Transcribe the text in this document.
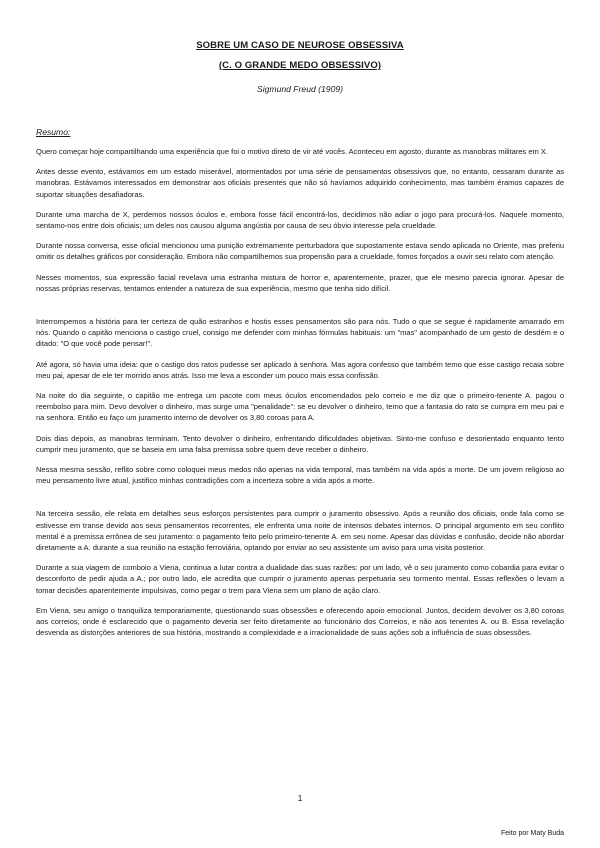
SOBRE UM CASO DE NEUROSE OBSESSIVA
(C. O GRANDE MEDO OBSESSIVO)
Sigmund Freud (1909)
Resumo:

Quero começar hoje compartilhando uma experiência que foi o motivo direto de vir até vocês. Aconteceu em agosto, durante as manobras militares em X.

Antes desse evento, estávamos em um estado miserável, atormentados por uma série de pensamentos obsessivos que, no entanto, cessaram durante as manobras. Estávamos interessados em demonstrar aos oficiais presentes que não só havíamos adquirido conhecimento, mas também éramos capazes de suportar situações desafiadoras.

Durante uma marcha de X, perdemos nossos óculos e, embora fosse fácil encontrá-los, decidimos não adiar o jogo para procurá-los. Naquele momento, sentamo-nos entre dois oficiais; um deles nos causou alguma angústia por causa de seu óbvio interesse pela crueldade.

Durante nossa conversa, esse oficial mencionou uma punição extremamente perturbadora que supostamente estava sendo aplicada no Oriente, mas preferiu omitir os detalhes gráficos por consideração. Embora não compartilhemos sua propensão para a crueldade, fomos forçados a ouvir seu relato com atenção.

Nesses momentos, sua expressão facial revelava uma estranha mistura de horror e, aparentemente, prazer, que ele mesmo parecia ignorar. Apesar de nossas próprias reservas, tentamos entender a natureza de sua experiência, mesmo que tenha sido difícil.

Interrompemos a história para ter certeza de quão estranhos e hostis esses pensamentos são para nós. Tudo o que se segue é rapidamente amarrado em nós. Quando o capitão menciona o castigo cruel, consigo me defender com minhas fórmulas habituais: um "mas" acompanhado de um gesto de desdém e o ditado: "O que você pode pensar!".

Até agora, só havia uma ideia: que o castigo dos ratos pudesse ser aplicado à senhora. Mas agora confesso que também temo que esse castigo recaia sobre meu pai, apesar de ele ter morrido anos atrás. Isso me leva a esconder um pouco mais essa confissão.

Na noite do dia seguinte, o capitão me entrega um pacote com meus óculos encomendados pelo correio e me diz que o primeiro-tenente A. pagou o reembolso para mim. Devo devolver o dinheiro, mas surge uma "penalidade": se eu devolver o dinheiro, temo que a fantasia do rato se cumpra em meu pai e na senhora. Então eu faço um juramento interno de devolver os 3,80 coroas para A.

Dois dias depois, as manobras terminam. Tento devolver o dinheiro, enfrentando dificuldades objetivas. Sinto-me confuso e desorientado enquanto tento cumprir meu juramento, que se baseia em uma falsa premissa sobre quem deve receber o dinheiro.

Nessa mesma sessão, reflito sobre como coloquei meus medos não apenas na vida temporal, mas também na vida após a morte. De um jovem religioso ao meu pensamento livre atual, justifico minhas contradições com a incerteza sobre a vida após a morte.

Na terceira sessão, ele relata em detalhes seus esforços persistentes para cumprir o juramento obsessivo. Após a reunião dos oficiais, onde fala como se estivesse em transe devido aos seus pensamentos recorrentes, ele enfrenta uma noite de intensos debates internos. O principal argumento em seu conflito mental é a premissa errônea de seu juramento: o pagamento feito pelo primeiro-tenente A. em seu nome. Apesar das dúvidas e confusão, decide não abordar diretamente a A. durante a sua reunião na estação ferroviária, optando por enviar ao seu assistente um aviso para uma visita posterior.

Durante a sua viagem de comboio a Viena, continua a lutar contra a dualidade das suas razões: por um lado, vê o seu juramento como cobardia para evitar o desconforto de pedir ajuda a A.; por outro lado, ele acredita que cumprir o juramento apenas perpetuaria seu tormento mental. Essas reflexões o levam a tomar decisões aparentemente impulsivas, como pegar o trem para Viena sem um plano de ação claro.

Em Viena, seu amigo o tranquiliza temporariamente, questionando suas obsessões e oferecendo apoio emocional. Juntos, decidem devolver os 3,80 coroas aos correios, onde é esclarecido que o pagamento deveria ser feito diretamente ao funcionário dos Correios, e não aos tenentes A. ou B. Essa revelação desvenda as distorções anteriores de sua história, mostrando a complexidade e a irracionalidade de suas ações sob a influência de suas obsessões.

1
Feito por Maty Buda
